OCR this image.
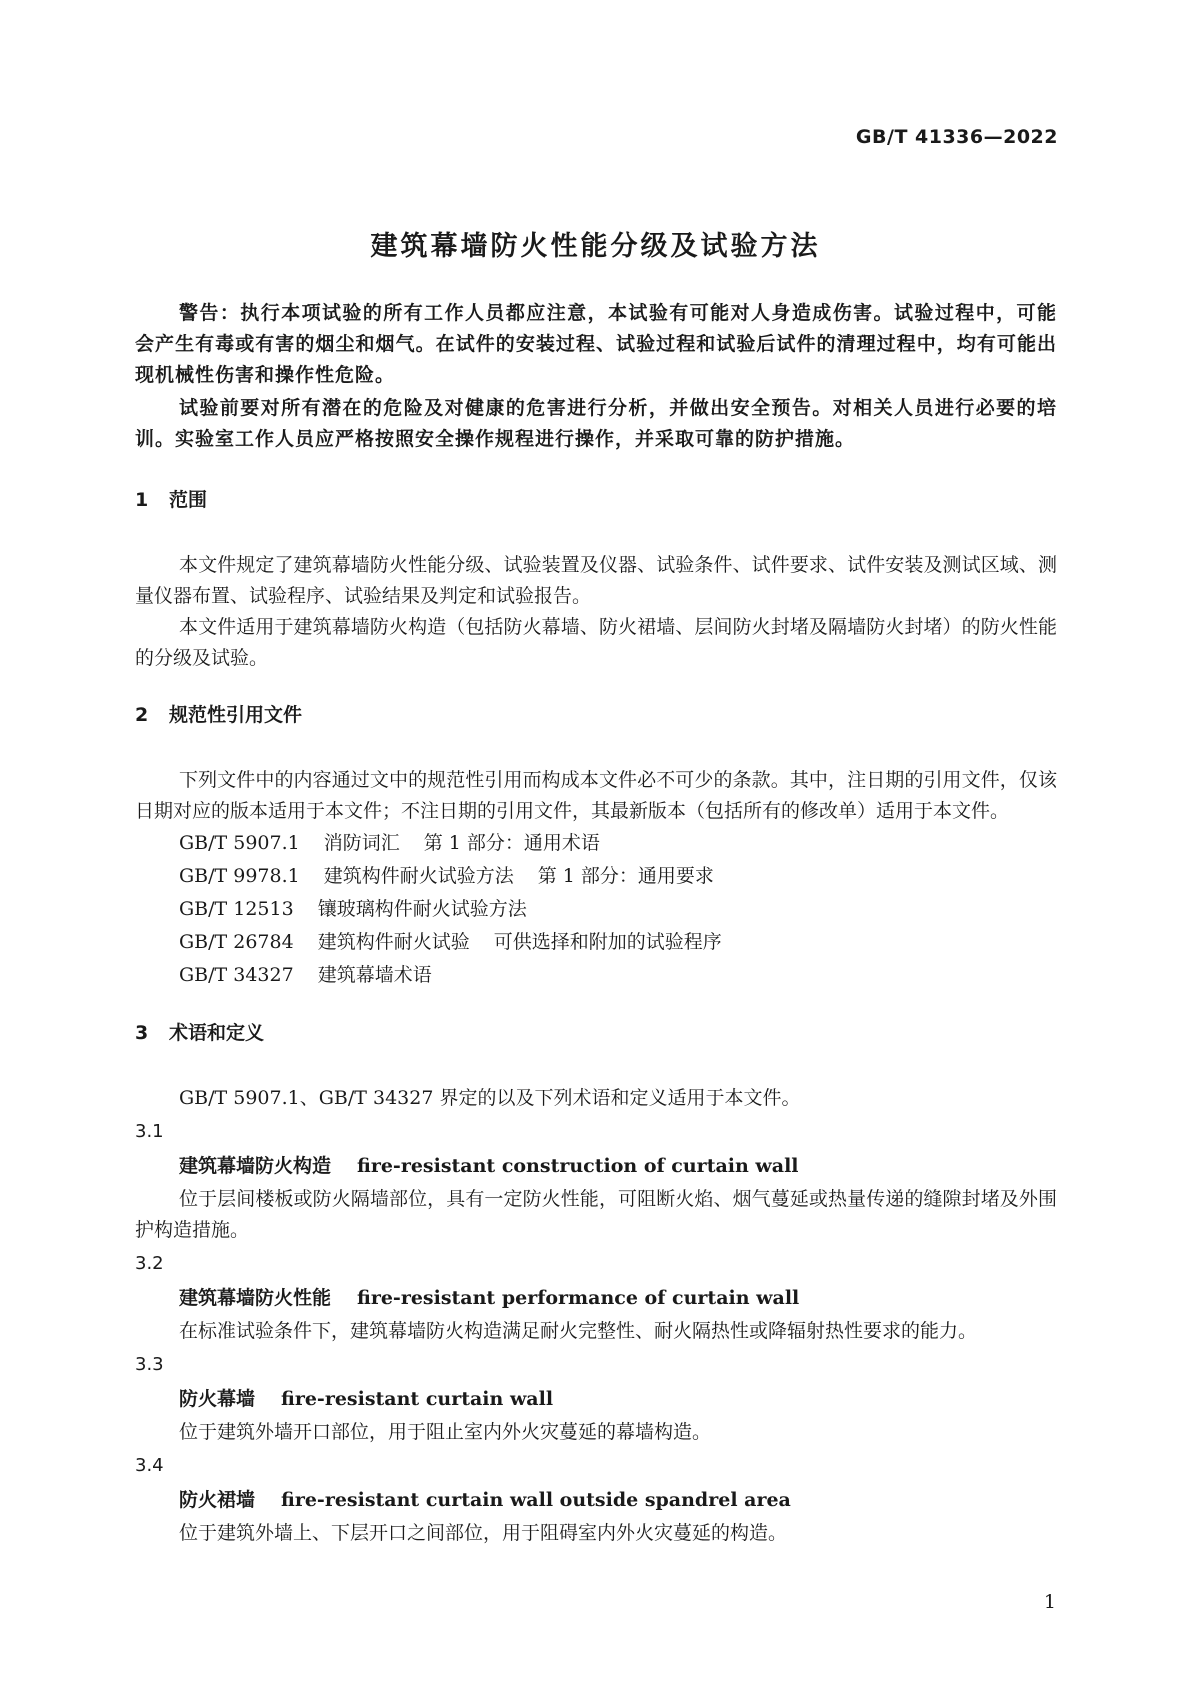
GB/T 41336—2022
建筑幕墙防火性能分级及试验方法

警告：执行本项试验的所有工作人员都应注意，本试验有可能对人身造成伤害。试验过程中，可能会产生有毒或有害的烟尘和烟气。在试件的安装过程、试验过程和试验后试件的清理过程中，均有可能出现机械性伤害和操作性危险。

试验前要对所有潜在的危险及对健康的危害进行分析，并做出安全预告。对相关人员进行必要的培训。实验室工作人员应严格按照安全操作规程进行操作，并采取可靠的防护措施。

1 范围

本文件规定了建筑幕墙防火性能分级、试验装置及仪器、试验条件、试件要求、试件安装及测试区域、测量仪器布置、试验程序、试验结果及判定和试验报告。

本文件适用于建筑幕墙防火构造（包括防火幕墙、防火裙墙、层间防火封堵及隔墙防火封堵）的防火性能的分级及试验。

2 规范性引用文件

下列文件中的内容通过文中的规范性引用而构成本文件必不可少的条款。其中，注日期的引用文件，仅该日期对应的版本适用于本文件；不注日期的引用文件，其最新版本（包括所有的修改单）适用于本文件。

GB/T 5907.1 消防词汇 第 1 部分：通用术语

GB/T 9978.1 建筑构件耐火试验方法 第 1 部分：通用要求

GB/T 12513 镶玻璃构件耐火试验方法

GB/T 26784 建筑构件耐火试验 可供选择和附加的试验程序

GB/T 34327 建筑幕墙术语

3 术语和定义

GB/T 5907.1、GB/T 34327 界定的以及下列术语和定义适用于本文件。

3.1

建筑幕墙防火构造 fire-resistant construction of curtain wall

位于层间楼板或防火隔墙部位，具有一定防火性能，可阻断火焰、烟气蔓延或热量传递的缝隙封堵及外围护构造措施。

3.2

建筑幕墙防火性能 fire-resistant performance of curtain wall

在标准试验条件下，建筑幕墙防火构造满足耐火完整性、耐火隔热性或降辐射热性要求的能力。

3.3

防火幕墙 fire-resistant curtain wall

位于建筑外墙开口部位，用于阻止室内外火灾蔓延的幕墙构造。

3.4

防火裙墙 fire-resistant curtain wall outside spandrel area

位于建筑外墙上、下层开口之间部位，用于阻碍室内外火灾蔓延的构造。

1
